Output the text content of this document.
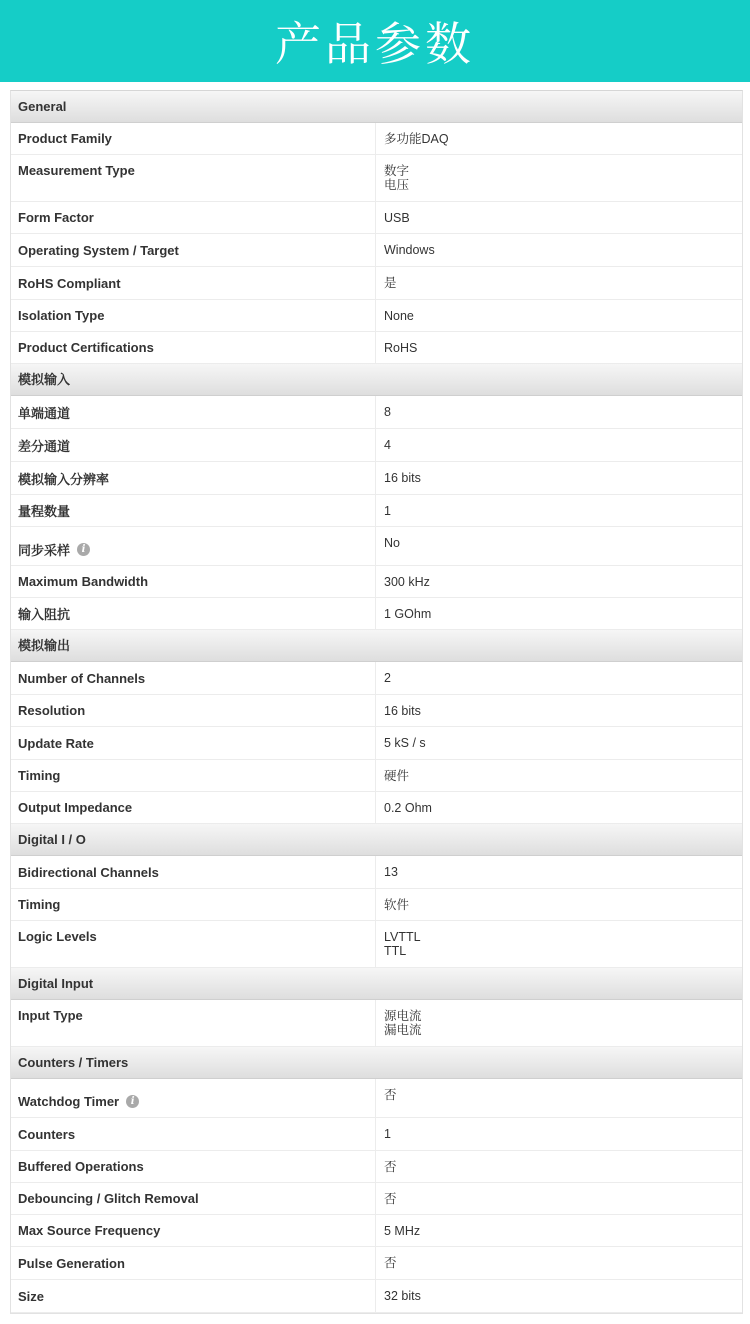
产品参数
General
Product Family	多功能DAQ
Measurement Type	数字
电压
Form Factor	USB
Operating System / Target	Windows
RoHS Compliant	是
Isolation Type	None
Product Certifications	RoHS
模拟输入
单端通道	8
差分通道	4
模拟输入分辨率	16 bits
量程数量	1
同步采样	i	No
Maximum Bandwidth	300 kHz
输入阻抗	1 GOhm
模拟输出
Number of Channels	2
Resolution	16 bits
Update Rate	5 kS / s
Timing	硬件
Output Impedance	0.2 Ohm
Digital I / O
Bidirectional Channels	13
Timing	软件
Logic Levels	LVTTL
TTL
Digital Input
Input Type	源电流
漏电流
Counters / Timers
Watchdog Timer	i	否
Counters	1
Buffered Operations	否
Debouncing / Glitch Removal	否
Max Source Frequency	5 MHz
Pulse Generation	否
Size	32 bits
